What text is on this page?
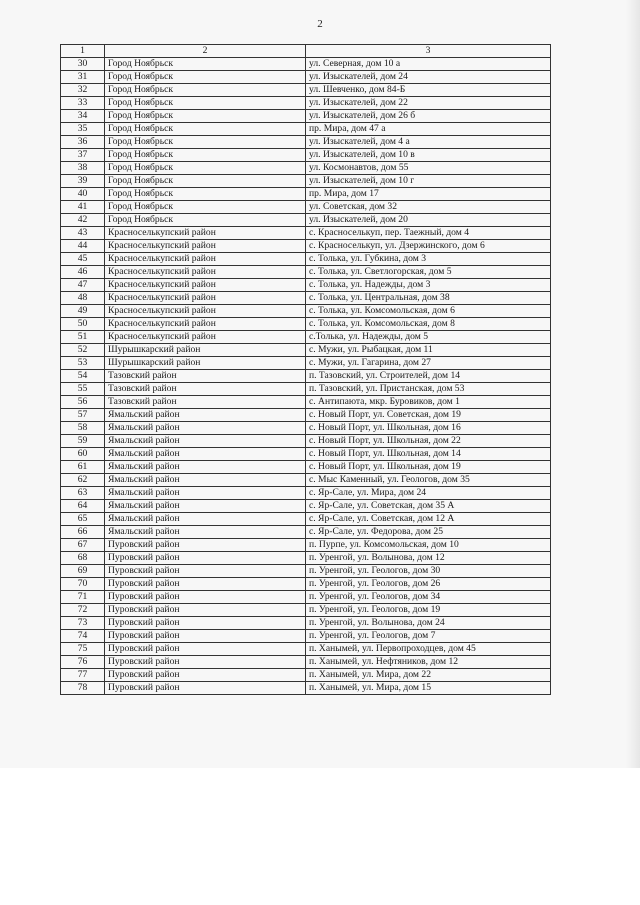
2
1	2	3
30	Город Ноябрьск	ул. Северная, дом 10 а
31	Город Ноябрьск	ул. Изыскателей, дом 24
32	Город Ноябрьск	ул. Шевченко, дом 84-Б
33	Город Ноябрьск	ул. Изыскателей, дом 22
34	Город Ноябрьск	ул. Изыскателей, дом 26 б
35	Город Ноябрьск	пр. Мира, дом 47 а
36	Город Ноябрьск	ул. Изыскателей, дом 4 а
37	Город Ноябрьск	ул. Изыскателей, дом 10 в
38	Город Ноябрьск	ул. Космонавтов, дом 55
39	Город Ноябрьск	ул. Изыскателей, дом 10 г
40	Город Ноябрьск	пр. Мира, дом 17
41	Город Ноябрьск	ул. Советская, дом 32
42	Город Ноябрьск	ул. Изыскателей, дом 20
43	Красноселькупский район	с. Красноселькуп, пер. Таежный, дом 4
44	Красноселькупский район	с. Красноселькуп, ул. Дзержинского, дом 6
45	Красноселькупский район	с. Толька, ул. Губкина, дом 3
46	Красноселькупский район	с. Толька, ул. Светлогорская, дом 5
47	Красноселькупский район	с. Толька, ул. Надежды, дом 3
48	Красноселькупский район	с. Толька, ул. Центральная, дом 38
49	Красноселькупский район	с. Толька, ул. Комсомольская, дом 6
50	Красноселькупский район	с. Толька, ул. Комсомольская, дом 8
51	Красноселькупский район	с.Толька, ул. Надежды, дом 5
52	Шурышкарский район	с. Мужи, ул. Рыбацкая, дом 11
53	Шурышкарский район	с. Мужи, ул. Гагарина, дом 27
54	Тазовский район	п. Тазовский, ул. Строителей, дом 14
55	Тазовский район	п. Тазовский, ул. Пристанская, дом 53
56	Тазовский район	с. Антипаюта, мкр. Буровиков, дом 1
57	Ямальский район	с. Новый Порт, ул. Советская, дом 19
58	Ямальский район	с. Новый Порт, ул. Школьная, дом 16
59	Ямальский район	с. Новый Порт, ул. Школьная, дом 22
60	Ямальский район	с. Новый Порт, ул. Школьная, дом 14
61	Ямальский район	с. Новый Порт, ул. Школьная, дом 19
62	Ямальский район	с. Мыс Каменный, ул. Геологов, дом 35
63	Ямальский район	с. Яр-Сале, ул. Мира, дом 24
64	Ямальский район	с. Яр-Сале, ул. Советская, дом 35 А
65	Ямальский район	с. Яр-Сале, ул. Советская, дом 12 А
66	Ямальский район	с. Яр-Сале, ул. Федорова, дом 25
67	Пуровский район	п. Пурпе, ул. Комсомольская, дом 10
68	Пуровский район	п. Уренгой, ул. Волынова, дом 12
69	Пуровский район	п. Уренгой, ул. Геологов, дом 30
70	Пуровский район	п. Уренгой, ул. Геологов, дом 26
71	Пуровский район	п. Уренгой, ул. Геологов, дом 34
72	Пуровский район	п. Уренгой, ул. Геологов, дом 19
73	Пуровский район	п. Уренгой, ул. Волынова, дом 24
74	Пуровский район	п. Уренгой, ул. Геологов, дом 7
75	Пуровский район	п. Ханымей, ул. Первопроходцев, дом 45
76	Пуровский район	п. Ханымей, ул. Нефтяников, дом 12
77	Пуровский район	п. Ханымей, ул. Мира, дом 22
78	Пуровский район	п. Ханымей, ул. Мира, дом 15
